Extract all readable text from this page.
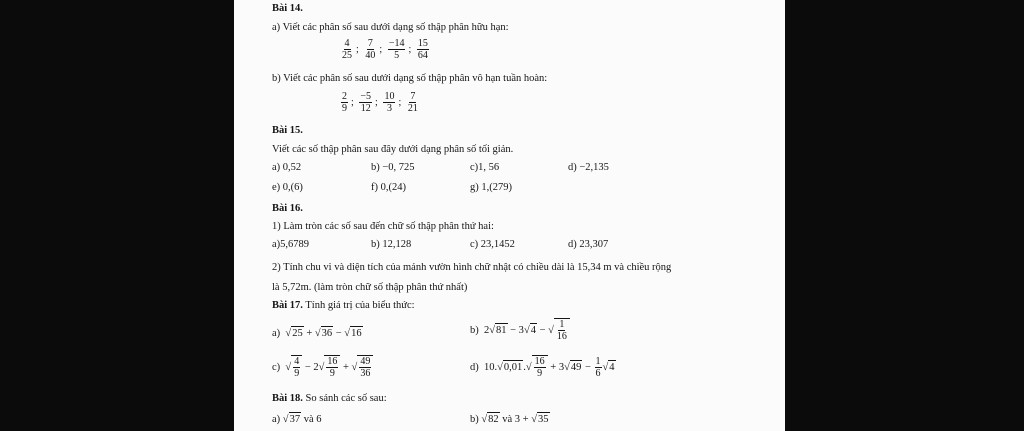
Bài 14.
a) Viết các phân số sau dưới dạng số thập phân hữu hạn:
$\frac{4}{25}$ ; $\frac{7}{40}$ ; $\frac{-14}{5}$ ; $\frac{15}{64}$
b) Viết các phân số sau dưới dạng số thập phân vô hạn tuần hoàn:
$\frac{2}{9}$ ; $\frac{-5}{12}$ ; $\frac{10}{3}$ ; $\frac{7}{21}$
Bài 15.
Viết các số thập phân sau đây dưới dạng phân số tối giản.
a) 0,52	b) −0, 725	c)1, 56	d) −2,135
e) 0,(6)	f) 0,(24)	g) 1,(279)
Bài 16.
1) Làm tròn các số sau đến chữ số thập phân thứ hai:
a)5,6789	b) 12,128	c) 23,1452	d) 23,307
2) Tính chu vi và diện tích của mảnh vườn hình chữ nhật có chiều dài là 15,34 m và chiều rộng
là 5,72m. (làm tròn chữ số thập phân thứ nhất)
Bài 17. Tính giá trị của biểu thức:
a) √25 + √36 − √16	b) 2√81 − 3√4 − √ $\frac{1}{16}$
c) √ $\frac{4}{9} - 2√ \frac{16}{9}$ + √ $\frac{49}{36}$	d) $10.√0,01.√ \frac{16}{9} + 3√49 - \frac{1}{6} √4$
Bài 18. So sánh các số sau:
a) √37 và 6	b) √82 và 3 + √35
